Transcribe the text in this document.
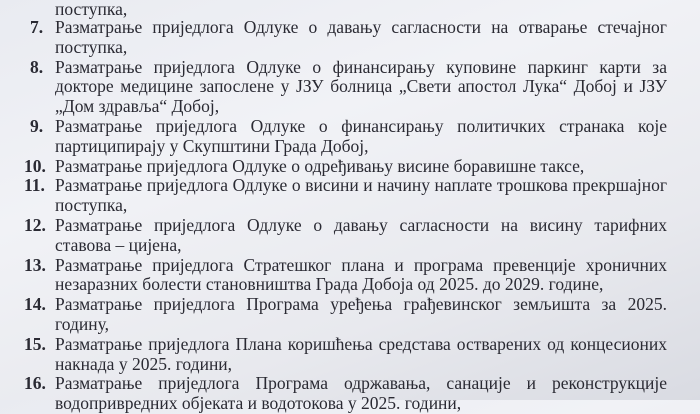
поступка,
7. Разматрање приједлога Одлуке о давању сагласности на отварање стечајног поступка,
8. Разматрање приједлога Одлуке о финансирању куповине паркинг карти за докторе медицине запослене у ЈЗУ болница „Свети апостол Лука“ Добој и ЈЗУ „Дом здравља“ Добој,
9. Разматрање приједлога Одлуке о финансирању политичких странака које партиципирају у Скупштини Града Добој,
10. Разматрање приједлога Одлуке о одређивању висине боравишне таксе,
11. Разматрање приједлога Одлуке о висини и начину наплате трошкова прекршајног поступка,
12. Разматрање приједлога Одлуке о давању сагласности на висину тарифних ставова – цијена,
13. Разматрање приједлога Стратешког плана и програма превенције хроничних незаразних болести становништва Града Добоја од 2025. до 2029. године,
14. Разматрање приједлога Програма уређења грађевинског земљишта за 2025. годину,
15. Разматрање приједлога Плана коришћења средстава остварених од концесионих накнада у 2025. години,
16. Разматрање приједлога Програма одржавања, санације и реконструкције водопривредних објеката и водотокова у 2025. години,
